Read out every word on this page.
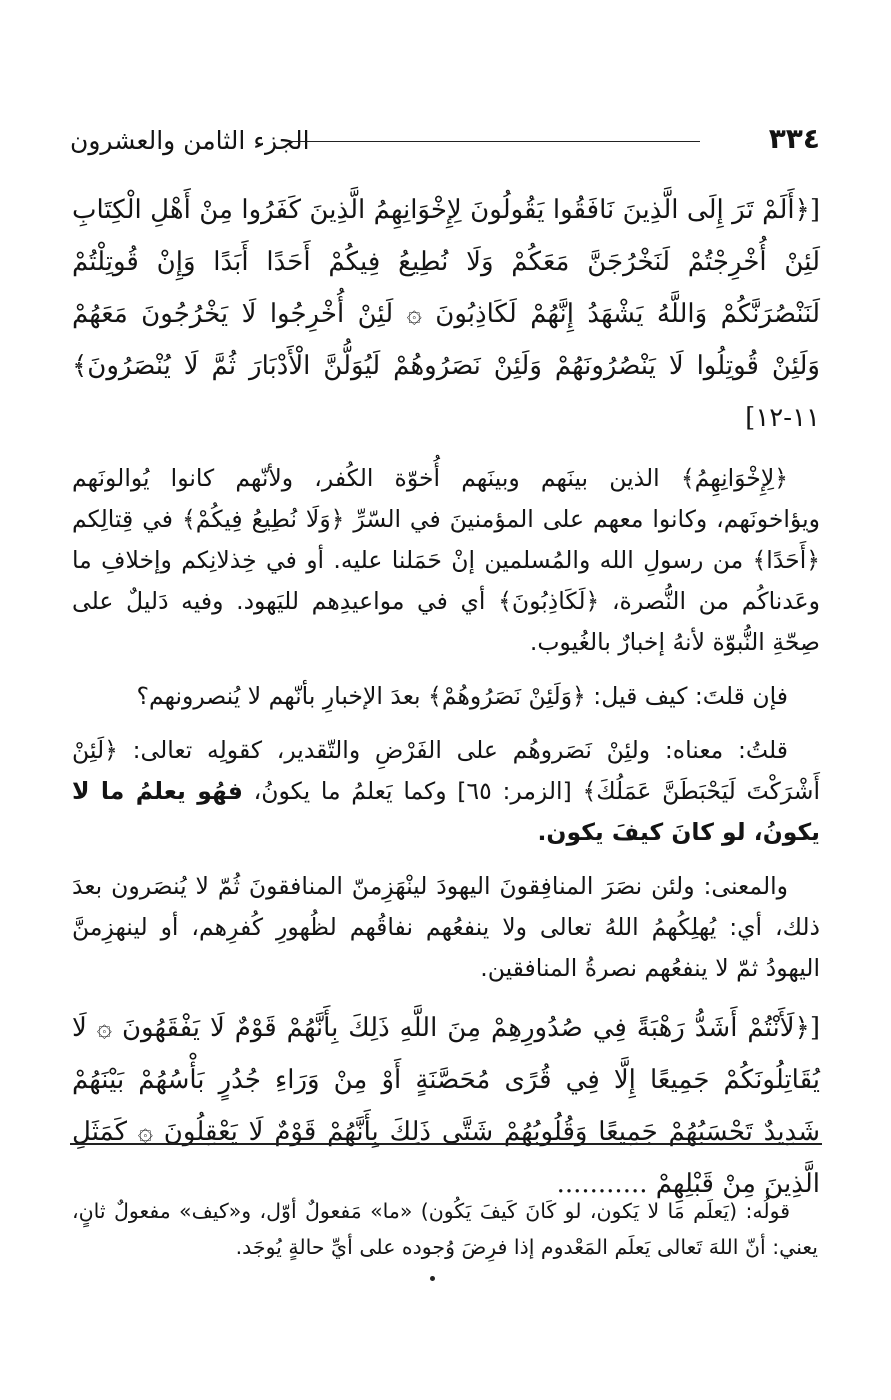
الجزء الثامن والعشرون	٣٣٤

[﴿أَلَمْ تَرَ إِلَى الَّذِينَ نَافَقُوا يَقُولُونَ لِإِخْوَانِهِمُ الَّذِينَ كَفَرُوا مِنْ أَهْلِ الْكِتَابِ لَئِنْ أُخْرِجْتُمْ لَنَخْرُجَنَّ مَعَكُمْ وَلَا نُطِيعُ فِيكُمْ أَحَدًا أَبَدًا وَإِنْ قُوتِلْتُمْ لَنَنْصُرَنَّكُمْ وَاللَّهُ يَشْهَدُ إِنَّهُمْ لَكَاذِبُونَ ۞ لَئِنْ أُخْرِجُوا لَا يَخْرُجُونَ مَعَهُمْ وَلَئِنْ قُوتِلُوا لَا يَنْصُرُونَهُمْ وَلَئِنْ نَصَرُوهُمْ لَيُوَلُّنَّ الْأَدْبَارَ ثُمَّ لَا يُنْصَرُونَ﴾ ١١-١٢]

﴿لِإِخْوَانِهِمُ﴾ الذين بينَهم وبينَهم أُخوّة الكُفر، ولأنّهم كانوا يُوالونَهم ويؤاخونَهم، وكانوا معهم على المؤمنينَ في السّرِّ ﴿وَلَا نُطِيعُ فِيكُمْ﴾ في قِتالِكم ﴿أَحَدًا﴾ من رسولِ الله والمُسلمين إنْ حَمَلنا عليه. أو في خِذلانِكم وإخلافِ ما وعَدناكُم من النُّصرة، ﴿لَكَاذِبُونَ﴾ أي في مواعيدِهم لليَهود. وفيه دَليلٌ على صِحّةِ النُّبوّة لأنهُ إخبارٌ بالغُيوب.

فإن قلتَ: كيف قيل: ﴿وَلَئِنْ نَصَرُوهُمْ﴾ بعدَ الإخبارِ بأنّهم لا يُنصرونهم؟

قلتُ: معناه: ولئِنْ نَصَروهُم على الفَرْضِ والتّقدير، كقولِه تعالى: ﴿لَئِنْ أَشْرَكْتَ لَيَحْبَطَنَّ عَمَلُكَ﴾ [الزمر: ٦٥] وكما يَعلمُ ما يكونُ، فهُو يعلمُ ما لا يكونُ، لو كانَ كيفَ يكون.

والمعنى: ولئن نصَرَ المنافِقونَ اليهودَ لينْهَزِمنّ المنافقونَ ثُمّ لا يُنصَرون بعدَ ذلك، أي: يُهلِكُهمُ اللهُ تعالى ولا ينفعُهم نفاقُهم لظُهورِ كُفرِهم، أو لينهزِمنَّ اليهودُ ثمّ لا ينفعُهم نصرةُ المنافقين.

[﴿لَأَنْتُمْ أَشَدُّ رَهْبَةً فِي صُدُورِهِمْ مِنَ اللَّهِ ذَلِكَ بِأَنَّهُمْ قَوْمٌ لَا يَفْقَهُونَ ۞ لَا يُقَاتِلُونَكُمْ جَمِيعًا إِلَّا فِي قُرًى مُحَصَّنَةٍ أَوْ مِنْ وَرَاءِ جُدُرٍ بَأْسُهُمْ بَيْنَهُمْ شَدِيدٌ تَحْسَبُهُمْ جَمِيعًا وَقُلُوبُهُمْ شَتَّى ذَلِكَ بِأَنَّهُمْ قَوْمٌ لَا يَعْقِلُونَ ۞ كَمَثَلِ الَّذِينَ مِنْ قَبْلِهِمْ ...........

قولُه: (يَعلَم مَا لا يَكون، لو كَانَ كَيفَ يَكُون) «ما» مَفعولٌ أوّل، و«كيف» مفعولٌ ثانٍ، يعني: أنّ اللهَ تَعالى يَعلَم المَعْدوم إذا فرِضَ وُجوده على أيِّ حالةٍ يُوجَد.
